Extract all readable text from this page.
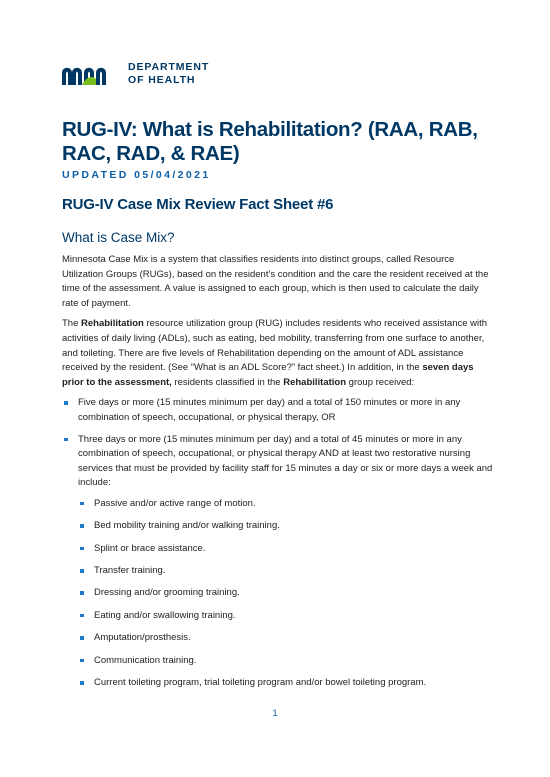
DEPARTMENT
OF HEALTH
RUG-IV: What is Rehabilitation? (RAA, RAB, RAC, RAD, & RAE)
UPDATED 05/04/2021
RUG-IV Case Mix Review Fact Sheet #6
What is Case Mix?

Minnesota Case Mix is a system that classifies residents into distinct groups, called Resource Utilization Groups (RUGs), based on the resident’s condition and the care the resident received at the time of the assessment. A value is assigned to each group, which is then used to calculate the daily rate of payment.

The Rehabilitation resource utilization group (RUG) includes residents who received assistance with activities of daily living (ADLs), such as eating, bed mobility, transferring from one surface to another, and toileting. There are five levels of Rehabilitation depending on the amount of ADL assistance received by the resident. (See “What is an ADL Score?” fact sheet.) In addition, in the seven days prior to the assessment, residents classified in the Rehabilitation group received:

Five days or more (15 minutes minimum per day) and a total of 150 minutes or more in any combination of speech, occupational, or physical therapy, OR
Three days or more (15 minutes minimum per day) and a total of 45 minutes or more in any combination of speech, occupational, or physical therapy AND at least two restorative nursing services that must be provided by facility staff for 15 minutes a day or six or more days a week and include:
Passive and/or active range of motion.
Bed mobility training and/or walking training.
Splint or brace assistance.
Transfer training.
Dressing and/or grooming training.
Eating and/or swallowing training.
Amputation/prosthesis.
Communication training.
Current toileting program, trial toileting program and/or bowel toileting program.
1
